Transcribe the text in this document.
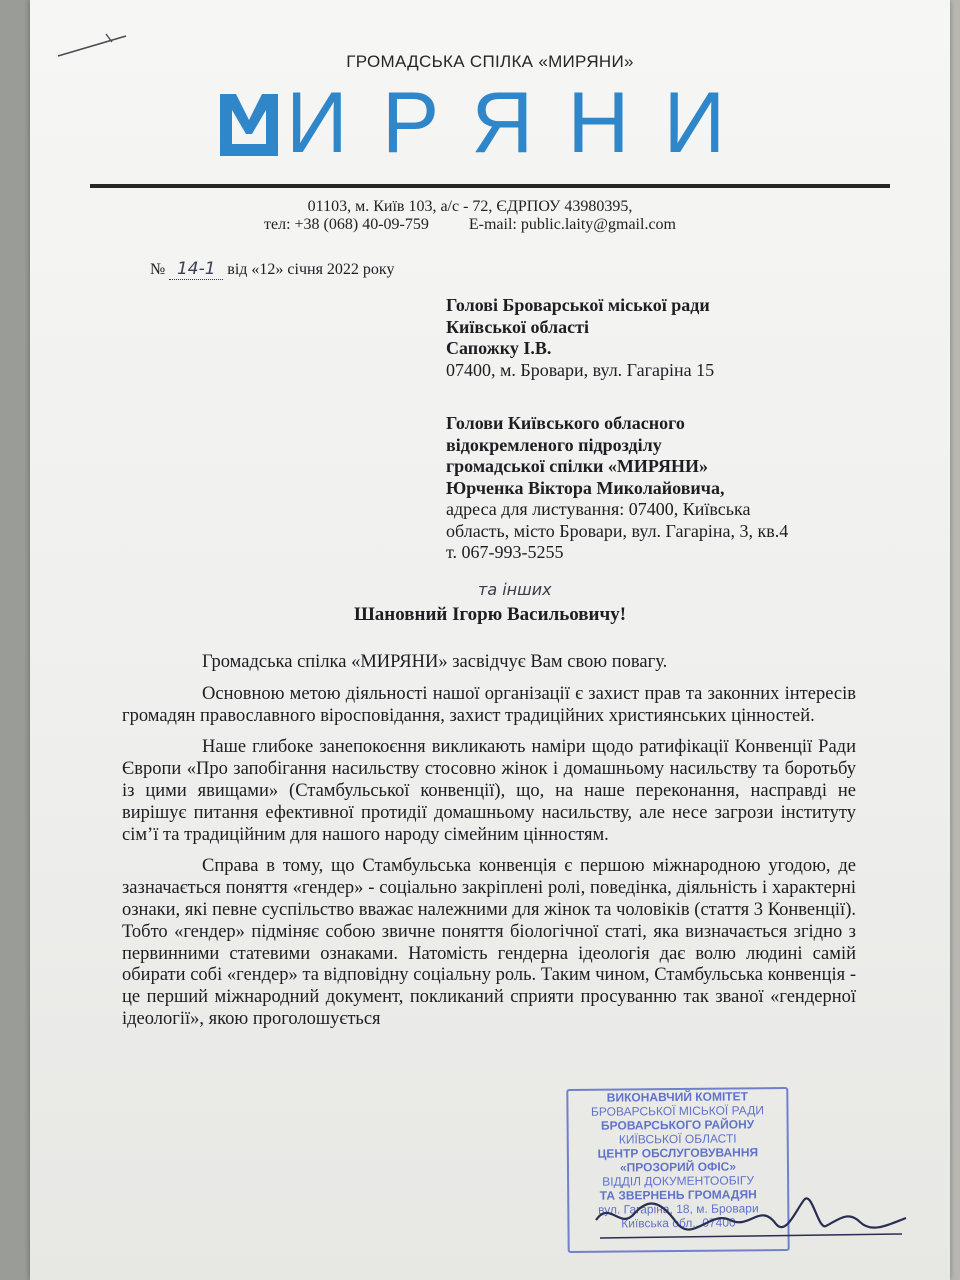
ГРОМАДСЬКА СПІЛКА «МИРЯНИ»
ИРЯНИ
01103, м. Київ 103, а/с - 72, ЄДРПОУ 43980395,
тел: +38 (068) 40-09-759	E-mail: public.laity@gmail.com
№ 14-1 від «12» січня 2022 року
Голові Броварської міської ради
Київської області
Сапожку І.В.
07400, м. Бровари, вул. Гагаріна 15
Голови Київського обласного
відокремленого підрозділу
громадської спілки «МИРЯНИ»
Юрченка Віктора Миколайовича,
адреса для листування: 07400, Київська
область, місто Бровари, вул. Гагаріна, 3, кв.4
т. 067-993-5255
та інших
Шановний Ігорю Васильовичу!

Громадська спілка «МИРЯНИ» засвідчує Вам свою повагу.

Основною метою діяльності нашої організації є захист прав та законних інтересів громадян православного віросповідання, захист традиційних християнських цінностей.

Наше глибоке занепокоєння викликають наміри щодо ратифікації Конвенції Ради Європи «Про запобігання насильству стосовно жінок і домашньому насильству та боротьбу із цими явищами» (Стамбульської конвенції), що, на наше переконання, насправді не вирішує питання ефективної протидії домашньому насильству, але несе загрози інституту сім’ї та традиційним для нашого народу сімейним цінностям.

Справа в тому, що Стамбульська конвенція є першою міжнародною угодою, де зазначається поняття «гендер» - соціально закріплені ролі, поведінка, діяльність і характерні ознаки, які певне суспільство вважає належними для жінок та чоловіків (стаття 3 Конвенції). Тобто «гендер» підміняє собою звичне поняття біологічної статі, яка визначається згідно з первинними статевими ознаками. Натомість гендерна ідеологія дає волю людині самій обирати собі «гендер» та відповідну соціальну роль. Таким чином, Стамбульська конвенція - це перший міжнародний документ, покликаний сприяти просуванню так званої «гендерної ідеології», якою проголошується

ВИКОНАВЧИЙ КОМІТЕТ
БРОВАРСЬКОЇ МІСЬКОЇ РАДИ
БРОВАРСЬКОГО РАЙОНУ
КИЇВСЬКОЇ ОБЛАСТІ
ЦЕНТР ОБСЛУГОВУВАННЯ
«ПРОЗОРИЙ ОФІС»
ВІДДІЛ ДОКУМЕНТООБІГУ
ТА ЗВЕРНЕНЬ ГРОМАДЯН
вул. Гагаріна, 18, м. Бровари
Київська обл., 07400
